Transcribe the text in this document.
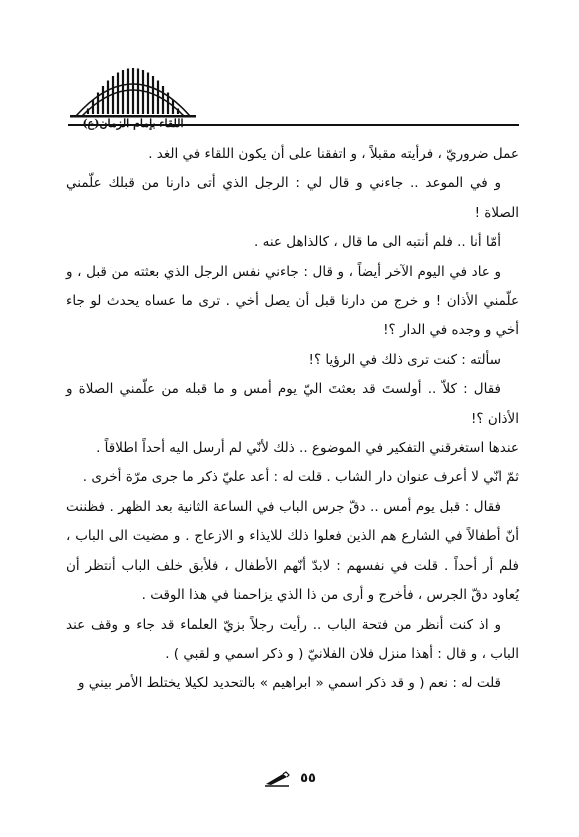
اللقاء بإمام الزمان(ع)

عمل ضروريّ ، فرأيته مقبلاً ، و اتفقنا على أن يكون اللقاء في الغد .

و في الموعد .. جاءني و قال لي : الرجل الذي أتى دارنا من قبلك علّمني الصلاة !

أمّا أنا .. فلم أنتبه الى ما قال ، كالذاهل عنه .

و عاد في اليوم الآخر أيضاً ، و قال : جاءني نفس الرجل الذي بعثته من قبل ، و علّمني الأذان ! و خرج من دارنا قبل أن يصل أخي . ترى ما عساه يحدث لو جاء أخي و وجده في الدار ؟!

سألته : كنت ترى ذلك في الرؤيا ؟!

فقال : كلاّ .. أولستَ قد بعثتَ اليّ يوم أمس و ما قبله من علّمني الصلاة و الأذان ؟!

عندها استغرقني التفكير في الموضوع .. ذلك لأنّي لم أرسل اليه أحداً اطلاقاً .

ثمّ انّي لا أعرف عنوان دار الشاب . قلت له : أعد عليّ ذكر ما جرى مرّة أخرى .

فقال : قبل يوم أمس .. دقّ جرس الباب في الساعة الثانية بعد الظهر . فظننت أنّ أطفالاً في الشارع هم الذين فعلوا ذلك للايذاء و الازعاج . و مضيت الى الباب ، فلم أر أحداً . قلت في نفسهم : لابدّ أنّهم الأطفال ، فلأبق خلف الباب أنتظر أن يُعاود دقّ الجرس ، فأخرج و أرى من ذا الذي يزاحمنا في هذا الوقت .

و اذ كنت أنظر من فتحة الباب .. رأيت رجلاً بزيّ العلماء قد جاء و وقف عند الباب ، و قال : أهذا منزل فلان الفلانيّ ( و ذكر اسمي و لقبي ) .

قلت له : نعم ( و قد ذكر اسمي « ابراهيم » بالتحديد لكيلا يختلط الأمر بيني و

٥٥
